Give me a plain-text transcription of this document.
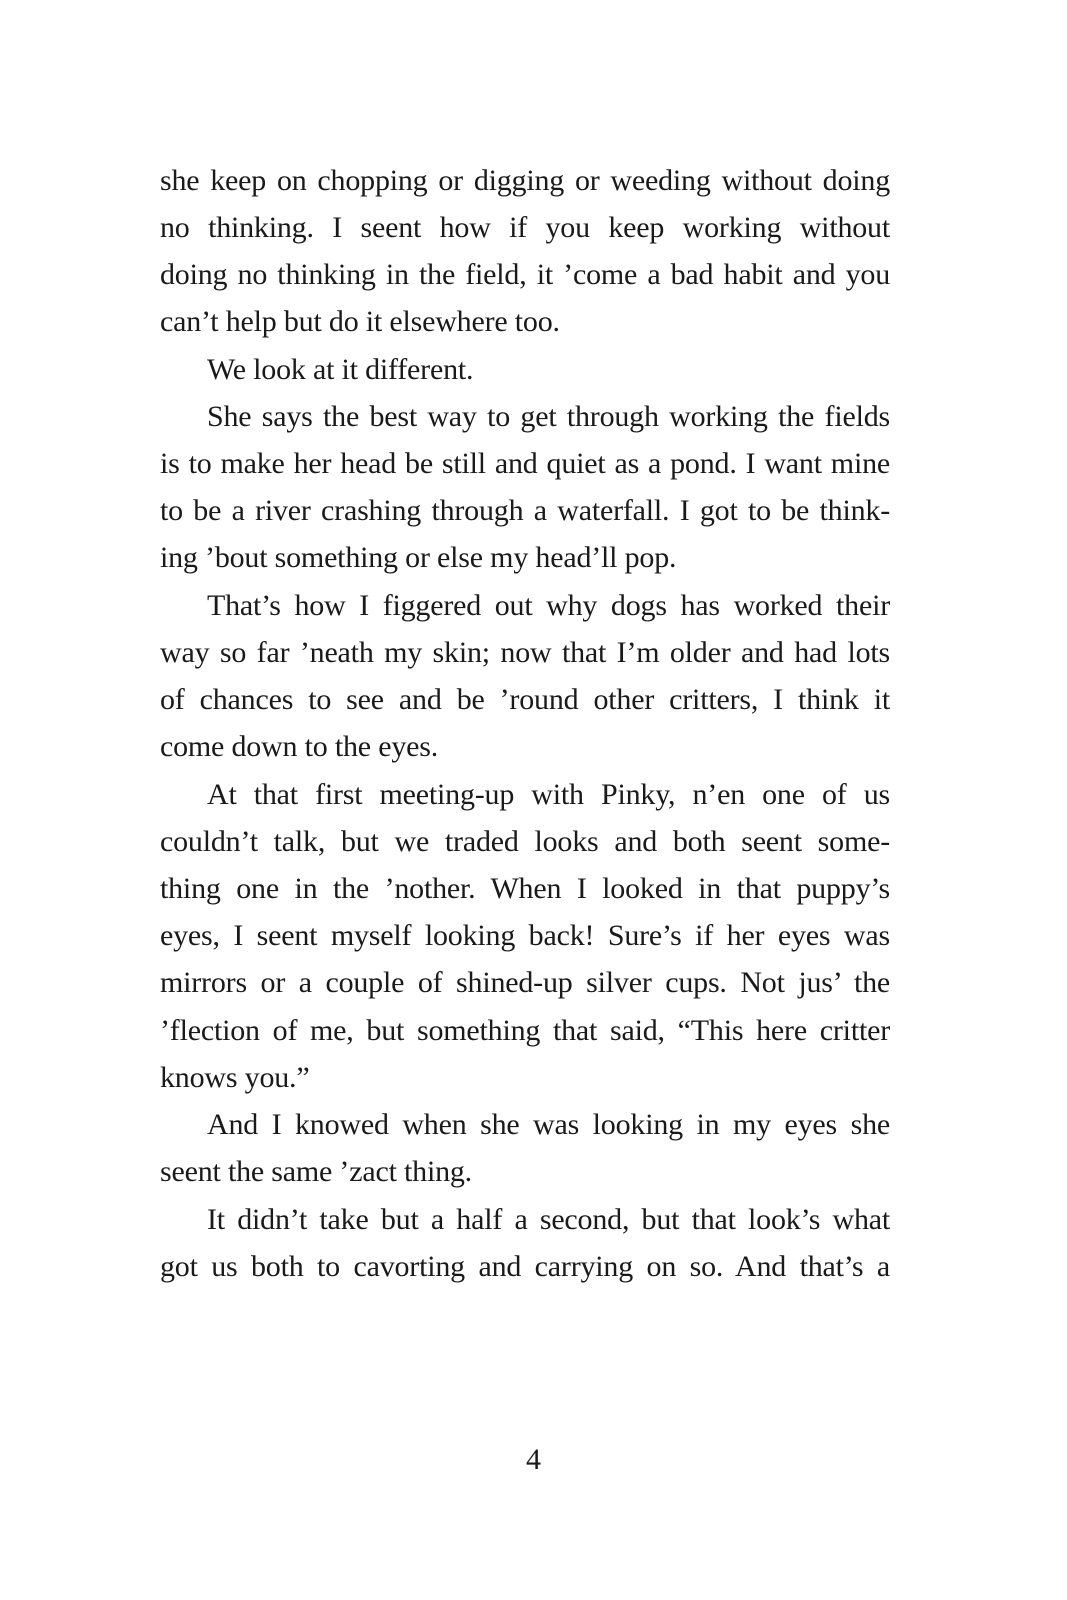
she keep on chopping or digging or weeding without doing
no thinking. I seent how if you keep working without
doing no thinking in the field, it ’come a bad habit and you
can’t help but do it elsewhere too.
We look at it different.
She says the best way to get through working the fields
is to make her head be still and quiet as a pond. I want mine
to be a river crashing through a waterfall. I got to be think-
ing ’bout something or else my head’ll pop.
That’s how I figgered out why dogs has worked their
way so far ’neath my skin; now that I’m older and had lots
of chances to see and be ’round other critters, I think it
come down to the eyes.
At that first meeting-up with Pinky, n’en one of us
couldn’t talk, but we traded looks and both seent some-
thing one in the ’nother. When I looked in that puppy’s
eyes, I seent myself looking back! Sure’s if her eyes was
mirrors or a couple of shined-up silver cups. Not jus’ the
’flection of me, but something that said, “This here critter
knows you.”
And I knowed when she was looking in my eyes she
seent the same ’zact thing.
It didn’t take but a half a second, but that look’s what
got us both to cavorting and carrying on so. And that’s a
4
